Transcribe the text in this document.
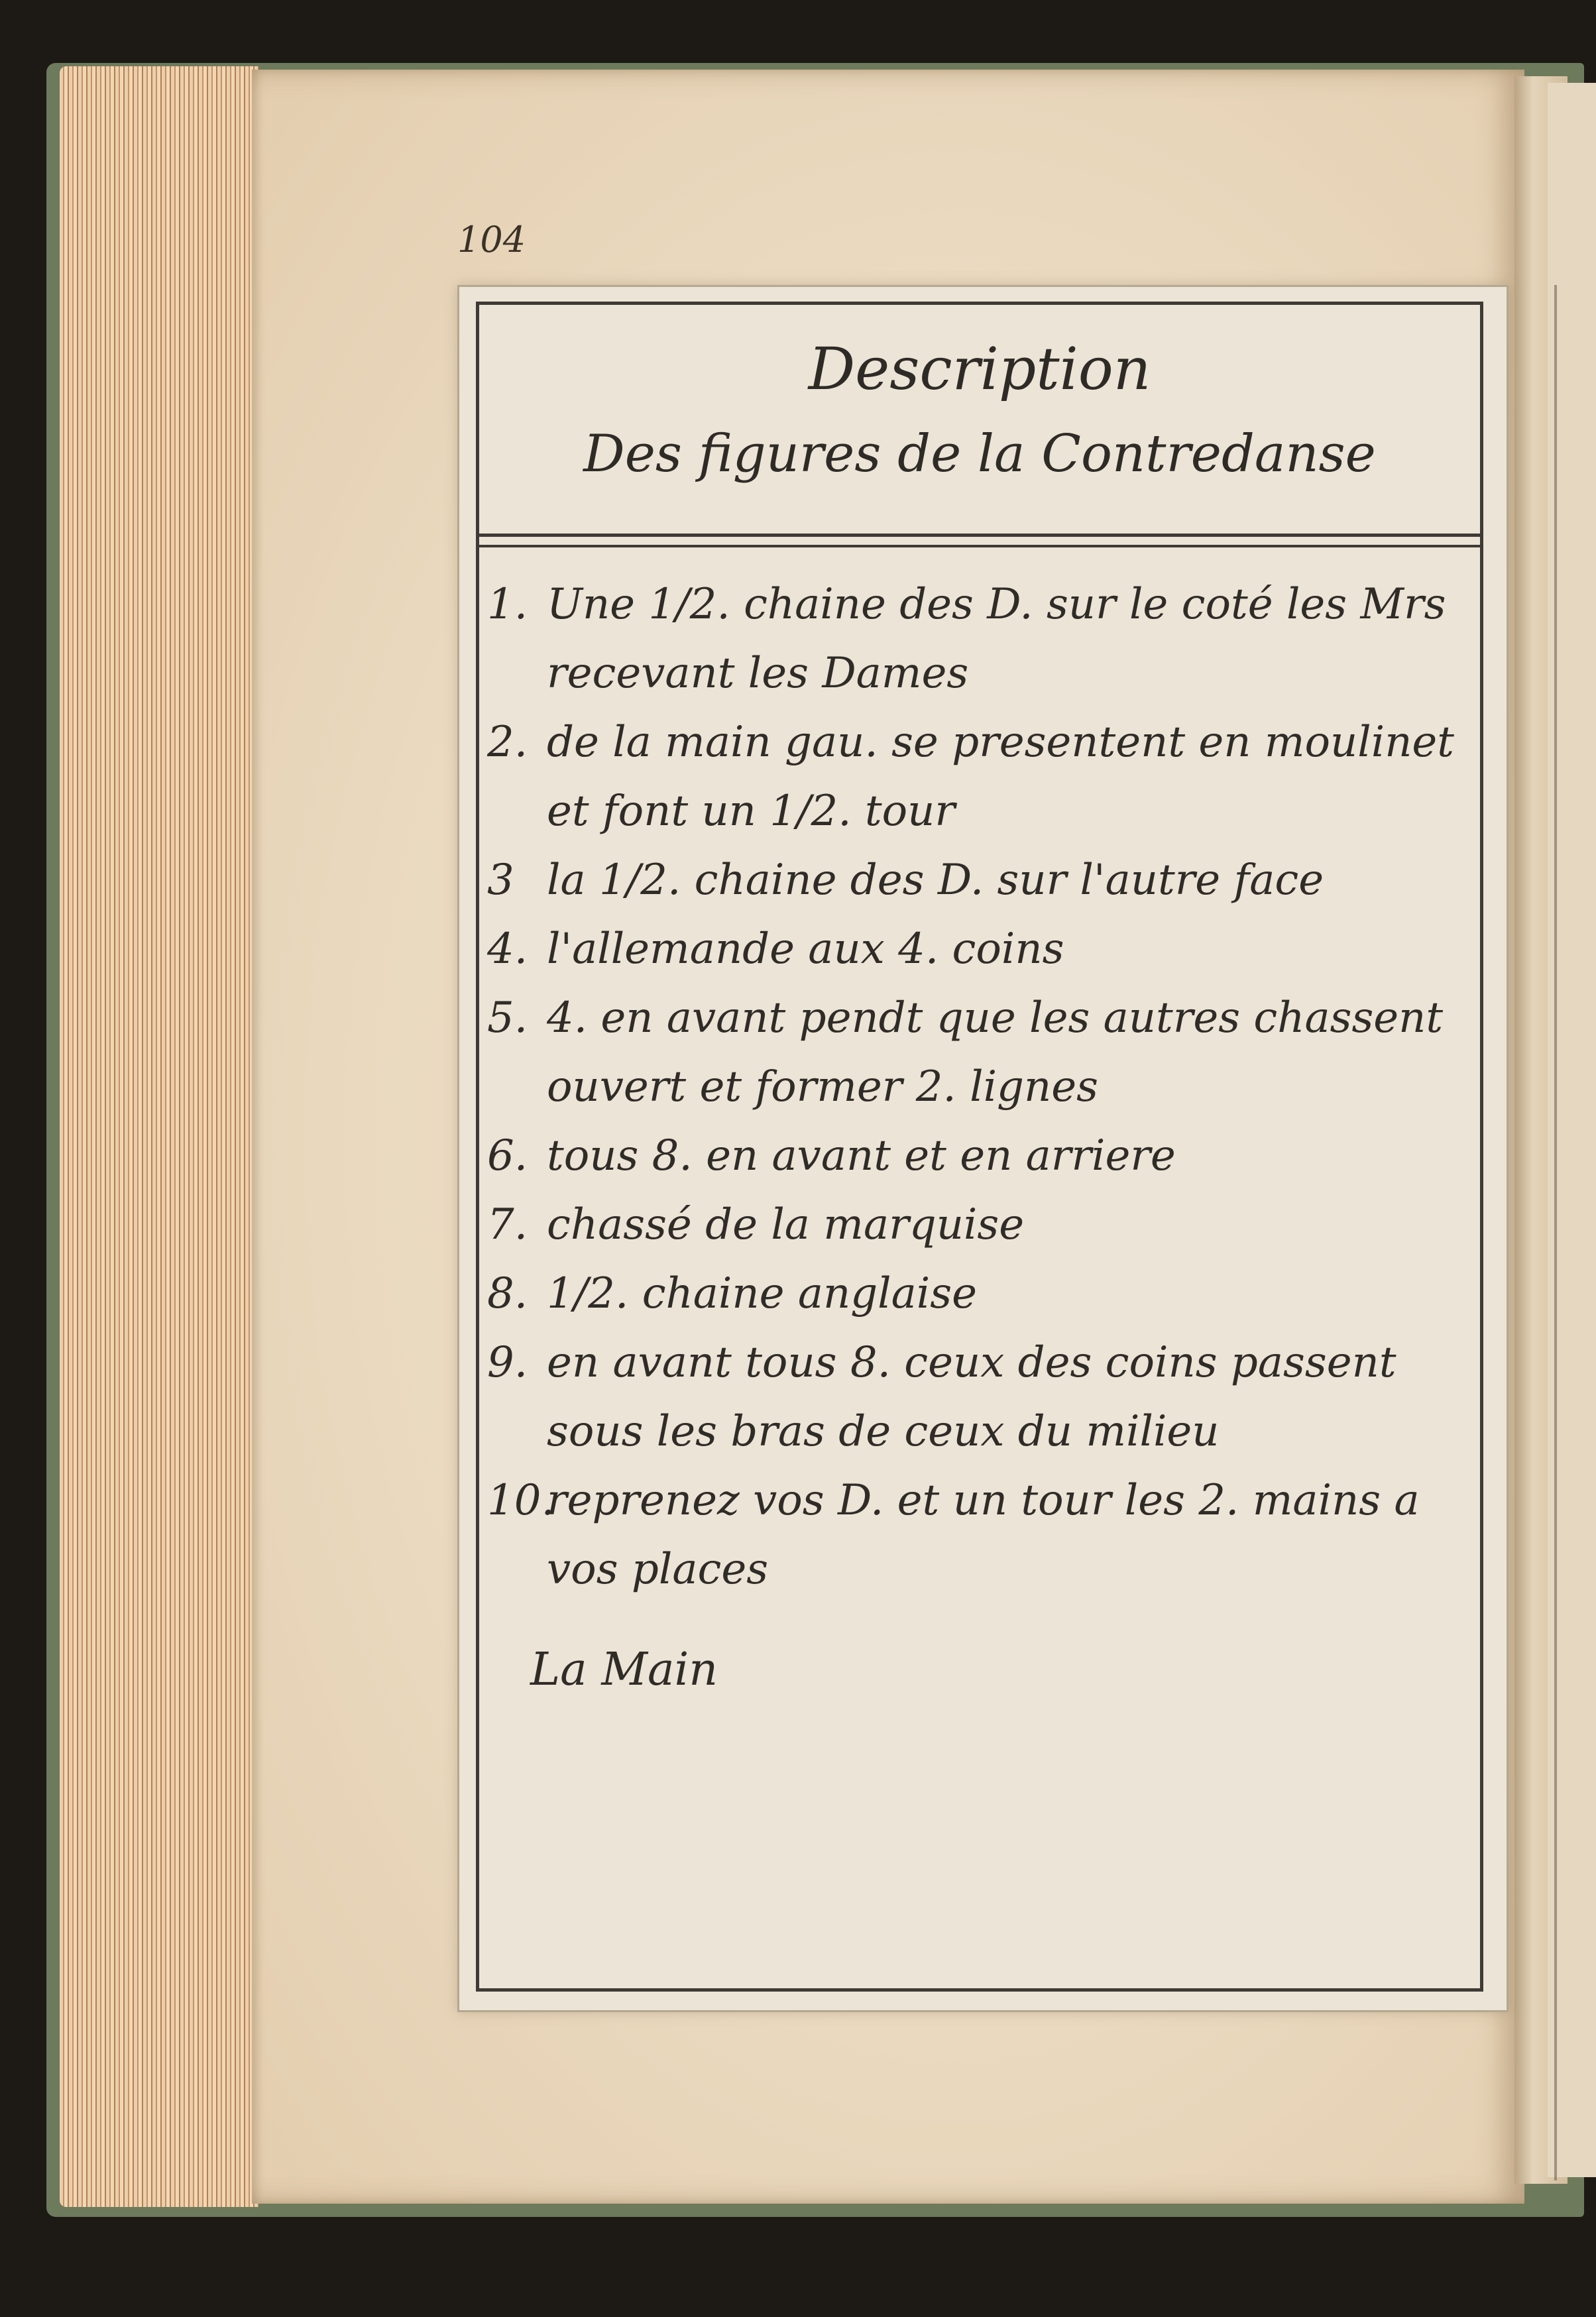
104
Description
Des figures de la Contredanse
1. Une 1/2. chaine des D. sur le coté les Mrs recevant les Dames
2. de la main gau. se presentent en moulinet et font un 1/2. tour
3 la 1/2. chaine des D. sur l'autre face
4. l'allemande aux 4. coins
5. 4. en avant pendt que les autres chassent ouvert et former 2. lignes
6. tous 8. en avant et en arriere
7. chassé de la marquise
8. 1/2. chaine anglaise
9. en avant tous 8. ceux des coins passent sous les bras de ceux du milieu
10.
reprenez vos D. et un tour les 2. mains a vos places
La Main
